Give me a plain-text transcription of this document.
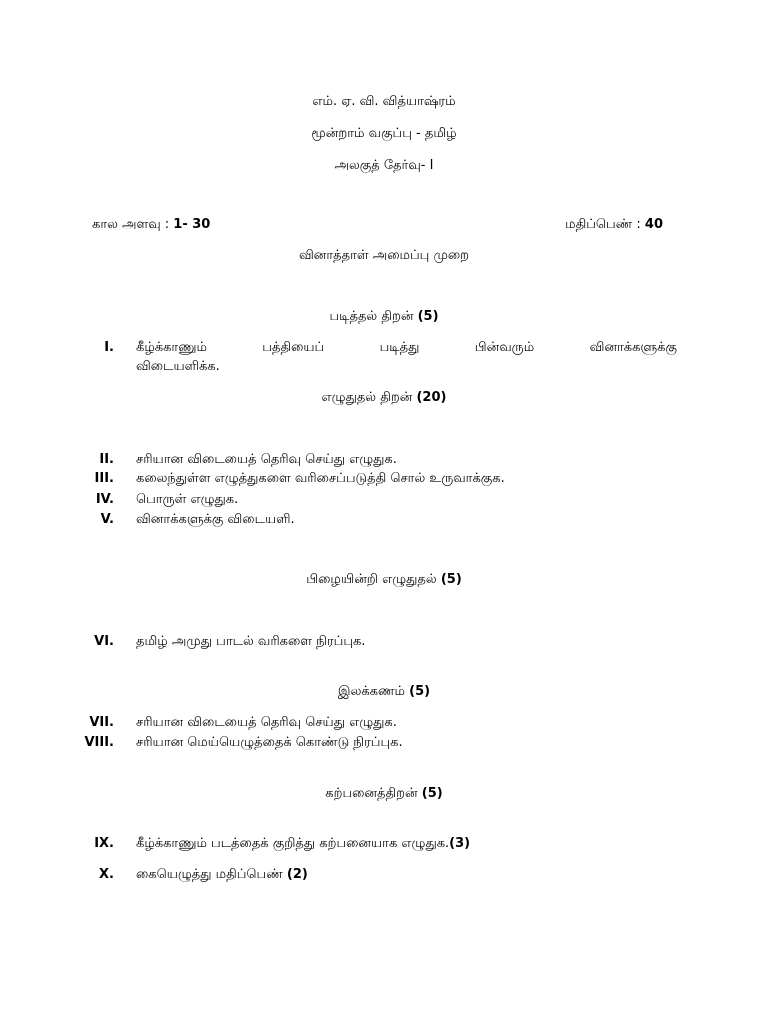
எம். ஏ. வி. வித்யாஷ்ரம்
மூன்றாம் வகுப்பு - தமிழ்
அலகுத் தேர்வு- I
கால அளவு : 1- 30	மதிப்பெண் : 40
வினாத்தாள் அமைப்பு முறை
படித்தல் திறன் (5)
I. கீழ்க்காணும்	பத்தியைப்	படித்து	பின்வரும்	வினாக்களுக்கு
விடையளிக்க.
எழுதுதல் திறன் (20)
II. சரியான விடையைத் தெரிவு செய்து எழுதுக.
III. கலைந்துள்ள எழுத்துகளை வரிசைப்படுத்தி சொல் உருவாக்குக.
IV. பொருள் எழுதுக.
V. வினாக்களுக்கு விடையளி.
பிழையின்றி எழுதுதல் (5)
VI. தமிழ் அமுது பாடல் வரிகளை நிரப்புக.
இலக்கணம் (5)
VII. சரியான விடையைத் தெரிவு செய்து எழுதுக.
VIII. சரியான மெய்யெழுத்தைக் கொண்டு நிரப்புக.
கற்பனைத்திறன் (5)
IX. கீழ்க்காணும் படத்தைக் குறித்து கற்பனையாக எழுதுக.(3)
X. கையெழுத்து மதிப்பெண் (2)
